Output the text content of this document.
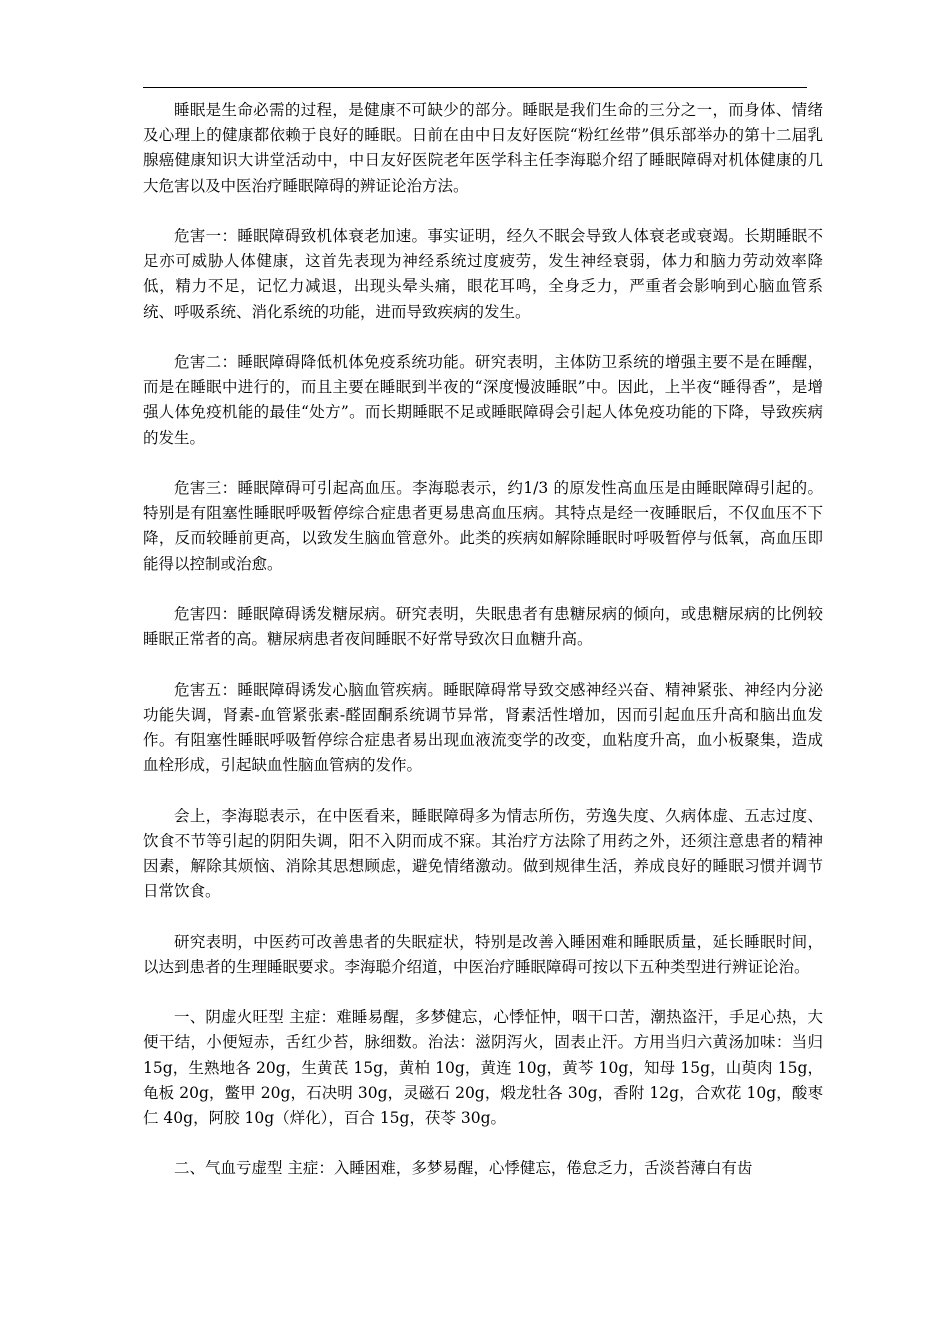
睡眠是生命必需的过程，是健康不可缺少的部分。睡眠是我们生命的三分之一，而身体、情绪及心理上的健康都依赖于良好的睡眠。日前在由中日友好医院“粉红丝带”俱乐部举办的第十二届乳腺癌健康知识大讲堂活动中，中日友好医院老年医学科主任李海聪介绍了睡眠障碍对机体健康的几大危害以及中医治疗睡眠障碍的辨证论治方法。

危害一：睡眠障碍致机体衰老加速。事实证明，经久不眠会导致人体衰老或衰竭。长期睡眠不足亦可威胁人体健康，这首先表现为神经系统过度疲劳，发生神经衰弱，体力和脑力劳动效率降低，精力不足，记忆力减退，出现头晕头痛，眼花耳鸣，全身乏力，严重者会影响到心脑血管系统、呼吸系统、消化系统的功能，进而导致疾病的发生。

危害二：睡眠障碍降低机体免疫系统功能。研究表明，主体防卫系统的增强主要不是在睡醒，而是在睡眠中进行的，而且主要在睡眠到半夜的“深度慢波睡眠”中。因此，上半夜“睡得香”，是增强人体免疫机能的最佳“处方”。而长期睡眠不足或睡眠障碍会引起人体免疫功能的下降，导致疾病的发生。

危害三：睡眠障碍可引起高血压。李海聪表示，约1/3 的原发性高血压是由睡眠障碍引起的。特别是有阻塞性睡眠呼吸暂停综合症患者更易患高血压病。其特点是经一夜睡眠后，不仅血压不下降，反而较睡前更高，以致发生脑血管意外。此类的疾病如解除睡眠时呼吸暂停与低氧，高血压即能得以控制或治愈。

危害四：睡眠障碍诱发糖尿病。研究表明，失眠患者有患糖尿病的倾向，或患糖尿病的比例较睡眠正常者的高。糖尿病患者夜间睡眠不好常导致次日血糖升高。

危害五：睡眠障碍诱发心脑血管疾病。睡眠障碍常导致交感神经兴奋、精神紧张、神经内分泌功能失调，肾素-血管紧张素-醛固酮系统调节异常，肾素活性增加，因而引起血压升高和脑出血发作。有阻塞性睡眠呼吸暂停综合症患者易出现血液流变学的改变，血粘度升高，血小板聚集，造成血栓形成，引起缺血性脑血管病的发作。

会上，李海聪表示，在中医看来，睡眠障碍多为情志所伤，劳逸失度、久病体虚、五志过度、饮食不节等引起的阴阳失调，阳不入阴而成不寐。其治疗方法除了用药之外，还须注意患者的精神因素，解除其烦恼、消除其思想顾虑，避免情绪激动。做到规律生活，养成良好的睡眠习惯并调节日常饮食。

研究表明，中医药可改善患者的失眠症状，特别是改善入睡困难和睡眠质量，延长睡眠时间，以达到患者的生理睡眠要求。李海聪介绍道，中医治疗睡眠障碍可按以下五种类型进行辨证论治。

一、阴虚火旺型 主症：难睡易醒，多梦健忘，心悸怔忡，咽干口苦，潮热盗汗，手足心热，大便干结，小便短赤，舌红少苔，脉细数。治法：滋阴泻火，固表止汗。方用当归六黄汤加味：当归 15g，生熟地各 20g，生黄芪 15g，黄柏 10g，黄连 10g，黄芩 10g，知母 15g，山萸肉 15g，龟板 20g，鳖甲 20g，石决明 30g，灵磁石 20g，煅龙牡各 30g，香附 12g，合欢花 10g，酸枣仁 40g，阿胶 10g（烊化），百合 15g，茯苓 30g。

二、气血亏虚型 主症：入睡困难，多梦易醒，心悸健忘，倦怠乏力，舌淡苔薄白有齿
